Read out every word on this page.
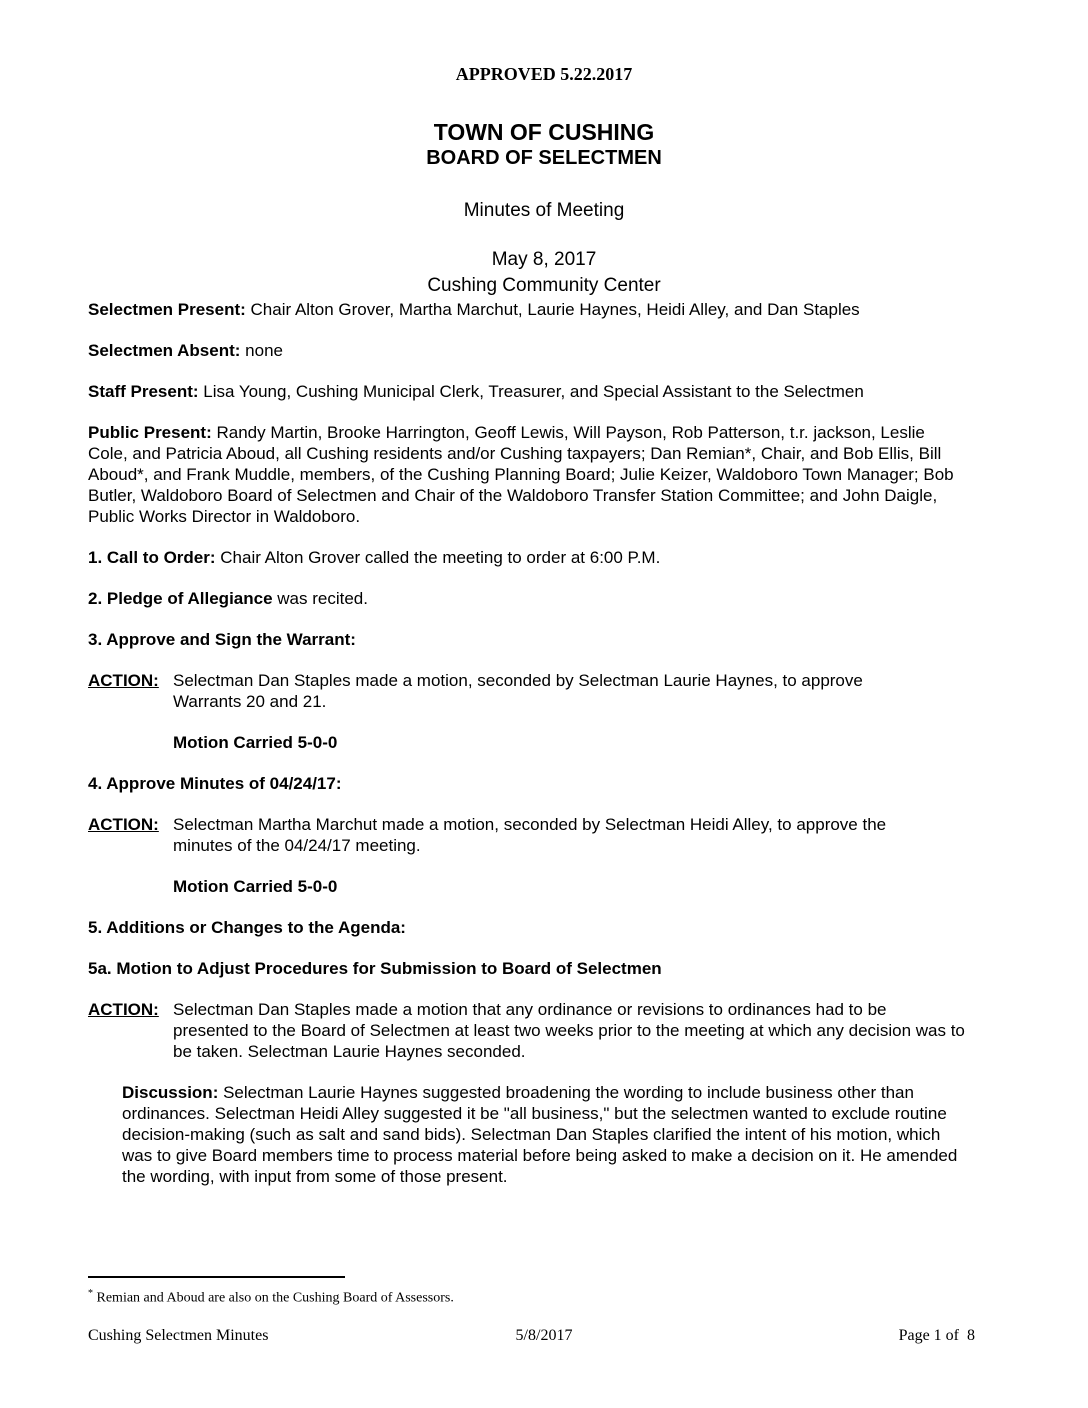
APPROVED 5.22.2017
TOWN OF CUSHING
BOARD OF SELECTMEN
Minutes of Meeting
May 8, 2017
Cushing Community Center

Selectmen Present: Chair Alton Grover, Martha Marchut, Laurie Haynes, Heidi Alley, and Dan Staples

Selectmen Absent: none

Staff Present: Lisa Young, Cushing Municipal Clerk, Treasurer, and Special Assistant to the Selectmen

Public Present: Randy Martin, Brooke Harrington, Geoff Lewis, Will Payson, Rob Patterson, t.r. jackson, Leslie
Cole, and Patricia Aboud, all Cushing residents and/or Cushing taxpayers; Dan Remian*, Chair, and Bob Ellis, Bill
Aboud*, and Frank Muddle, members, of the Cushing Planning Board; Julie Keizer, Waldoboro Town Manager; Bob
Butler, Waldoboro Board of Selectmen and Chair of the Waldoboro Transfer Station Committee; and John Daigle,
Public Works Director in Waldoboro.

1. Call to Order: Chair Alton Grover called the meeting to order at 6:00 P.M.

2. Pledge of Allegiance was recited.

3. Approve and Sign the Warrant:

ACTION: Selectman Dan Staples made a motion, seconded by Selectman Laurie Haynes, to approve
Warrants 20 and 21.
Motion Carried 5-0-0

4. Approve Minutes of 04/24/17:

ACTION: Selectman Martha Marchut made a motion, seconded by Selectman Heidi Alley, to approve the
minutes of the 04/24/17 meeting.
Motion Carried 5-0-0

5. Additions or Changes to the Agenda:

5a. Motion to Adjust Procedures for Submission to Board of Selectmen

ACTION: Selectman Dan Staples made a motion that any ordinance or revisions to ordinances had to be
presented to the Board of Selectmen at least two weeks prior to the meeting at which any decision was to
be taken. Selectman Laurie Haynes seconded.
Discussion: Selectman Laurie Haynes suggested broadening the wording to include business other than
ordinances. Selectman Heidi Alley suggested it be "all business," but the selectmen wanted to exclude routine
decision-making (such as salt and sand bids). Selectman Dan Staples clarified the intent of his motion, which
was to give Board members time to process material before being asked to make a decision on it. He amended
the wording, with input from some of those present.
* Remian and Aboud are also on the Cushing Board of Assessors.
Cushing Selectmen Minutes	5/8/2017	Page 1 of  8
